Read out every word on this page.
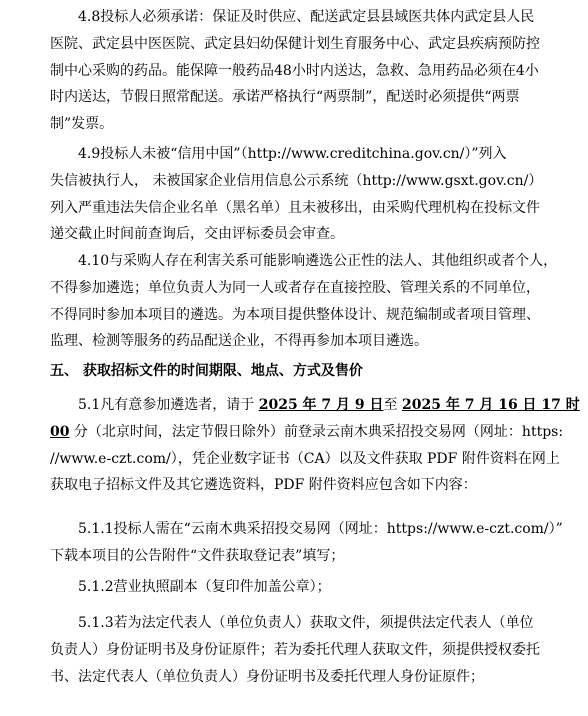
4.8投标人必须承诺：保证及时供应、配送武定县县域医共体内武定县人民
医院、武定县中医医院、武定县妇幼保健计划生育服务中心、武定县疾病预防控
制中心采购的药品。能保障一般药品48小时内送达，急救、急用药品必须在4小
时内送达，节假日照常配送。承诺严格执行“两票制”，配送时必须提供“两票
制”发票。
4.9投标人未被“信用中国”（http://www.creditchina.gov.cn/）”列入
失信被执行人， 未被国家企业信用信息公示系统（http://www.gsxt.gov.cn/）
列入严重违法失信企业名单（黑名单）且未被移出，由采购代理机构在投标文件
递交截止时间前查询后，交由评标委员会审查。
4.10与采购人存在利害关系可能影响遴选公正性的法人、其他组织或者个人，
不得参加遴选；单位负责人为同一人或者存在直接控股、管理关系的不同单位，
不得同时参加本项目的遴选。为本项目提供整体设计、规范编制或者项目管理、
监理、检测等服务的药品配送企业，不得再参加本项目遴选。
五、 获取招标文件的时间期限、地点、方式及售价
5.1凡有意参加遴选者，请于 2025 年 7 月 9 日至 2025 年 7 月 16 日 17 时
00 分（北京时间，法定节假日除外）前登录云南木典采招投交易网（网址：https:
//www.e-czt.com/），凭企业数字证书（CA）以及文件获取 PDF 附件资料在网上
获取电子招标文件及其它遴选资料，PDF 附件资料应包含如下内容：
5.1.1投标人需在“云南木典采招投交易网（网址：https://www.e-czt.com/）”
下载本项目的公告附件“文件获取登记表”填写；
5.1.2营业执照副本（复印件加盖公章）；
5.1.3若为法定代表人（单位负责人）获取文件，须提供法定代表人（单位
负责人）身份证明书及身份证原件；若为委托代理人获取文件，须提供授权委托
书、法定代表人（单位负责人）身份证明书及委托代理人身份证原件；
